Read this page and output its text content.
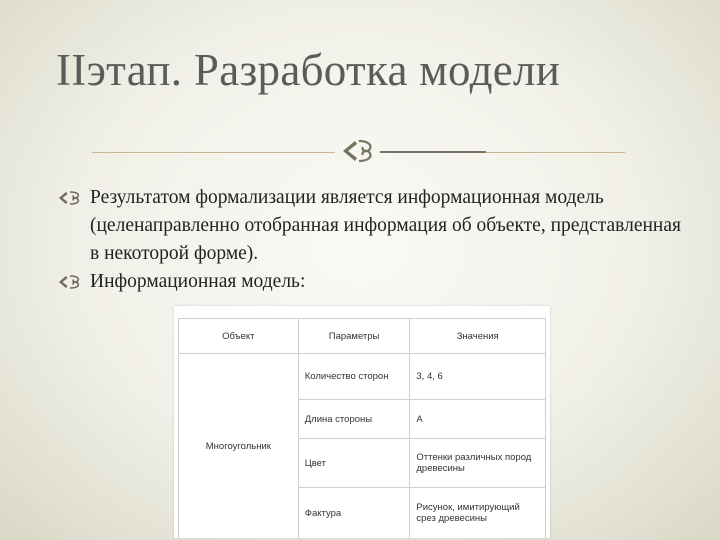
IIэтап. Разработка модели
Результатом формализации является информационная модель (целенаправленно отобранная информация об объекте, представленная в некоторой форме).
Информационная модель:
Объект	Параметры	Значения
Многоугольник	Количество сторон	3, 4, 6
	Длина стороны	A
	Цвет	Оттенки различных пород древесины
	Фактура	Рисунок, имитирующий срез древесины
